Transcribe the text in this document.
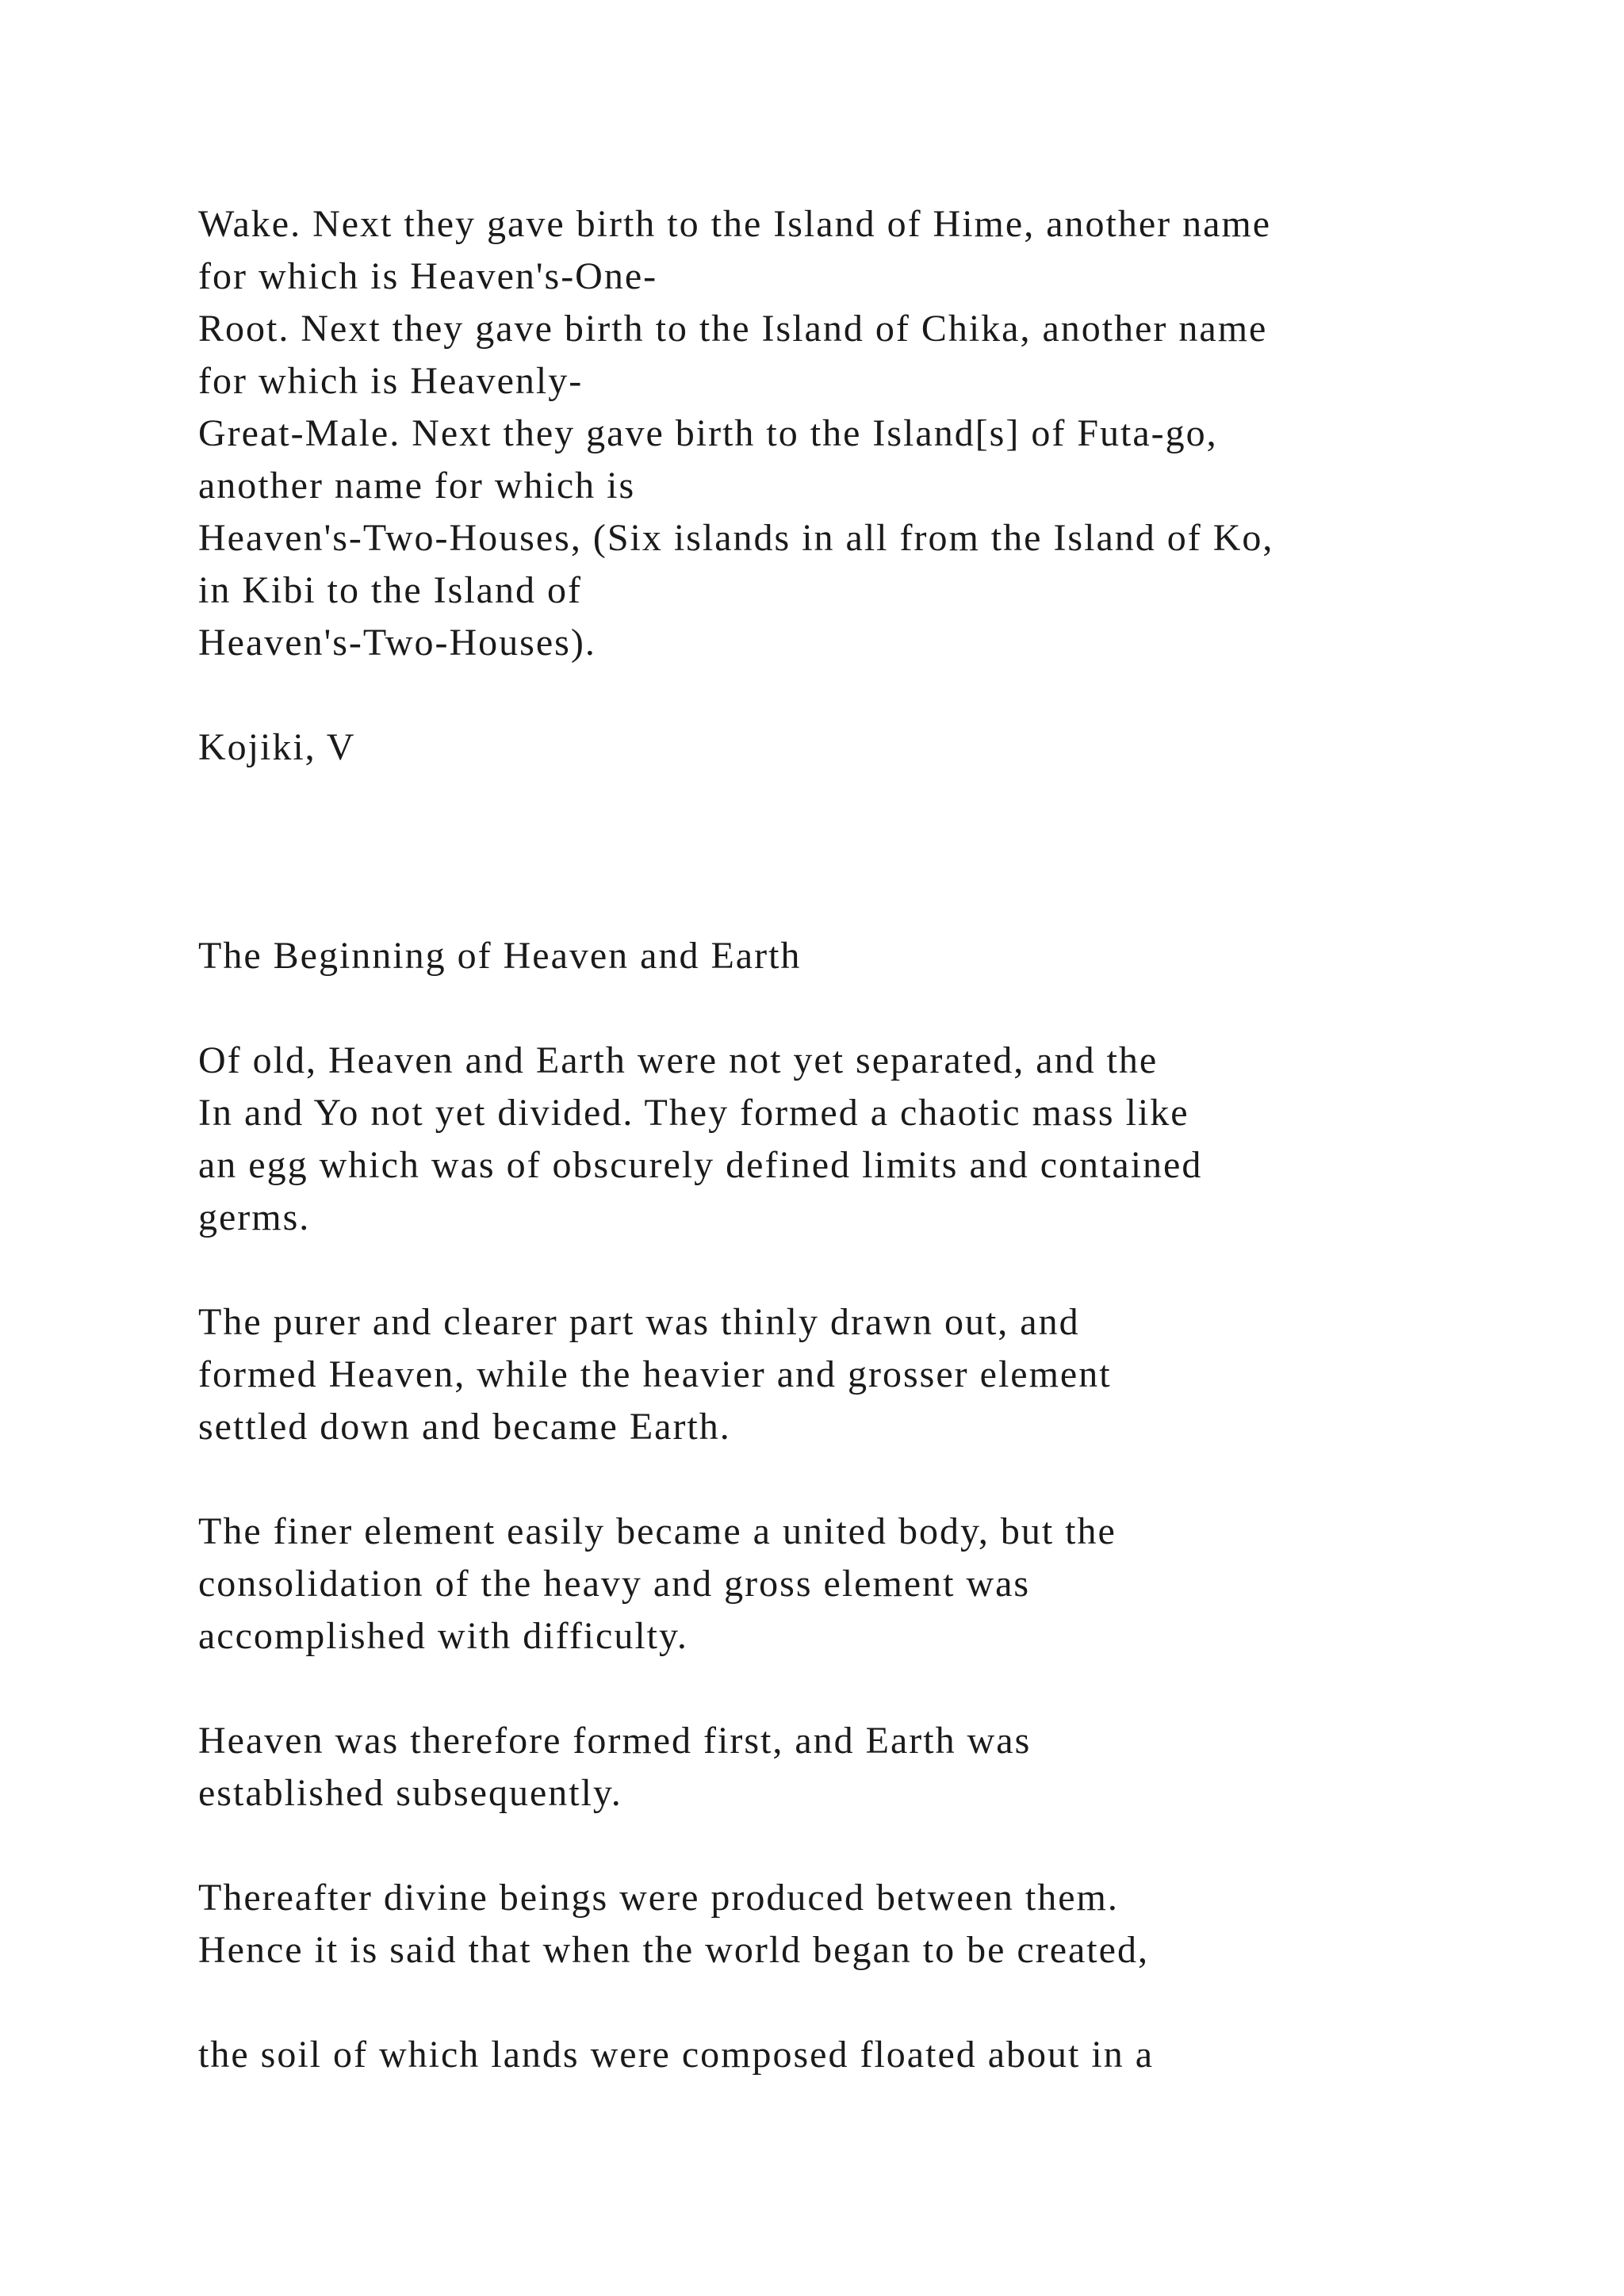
Wake. Next they gave birth to the Island of Hime, another name

for which is Heaven's-One-

Root. Next they gave birth to the Island of Chika, another name

for which is Heavenly-

Great-Male. Next they gave birth to the Island[s] of Futa-go,

another name for which is

Heaven's-Two-Houses, (Six islands in all from the Island of Ko,

in Kibi to the Island of

Heaven's-Two-Houses).

Kojiki, V

The Beginning of Heaven and Earth

Of old, Heaven and Earth were not yet separated, and the

In and Yo not yet divided. They formed a chaotic mass like

an egg which was of obscurely defined limits and contained

germs.

The purer and clearer part was thinly drawn out, and

formed Heaven, while the heavier and grosser element

settled down and became Earth.

The finer element easily became a united body, but the

consolidation of the heavy and gross element was

accomplished with difficulty.

Heaven was therefore formed first, and Earth was

established subsequently.

Thereafter divine beings were produced between them.

Hence it is said that when the world began to be created,

the soil of which lands were composed floated about in a
